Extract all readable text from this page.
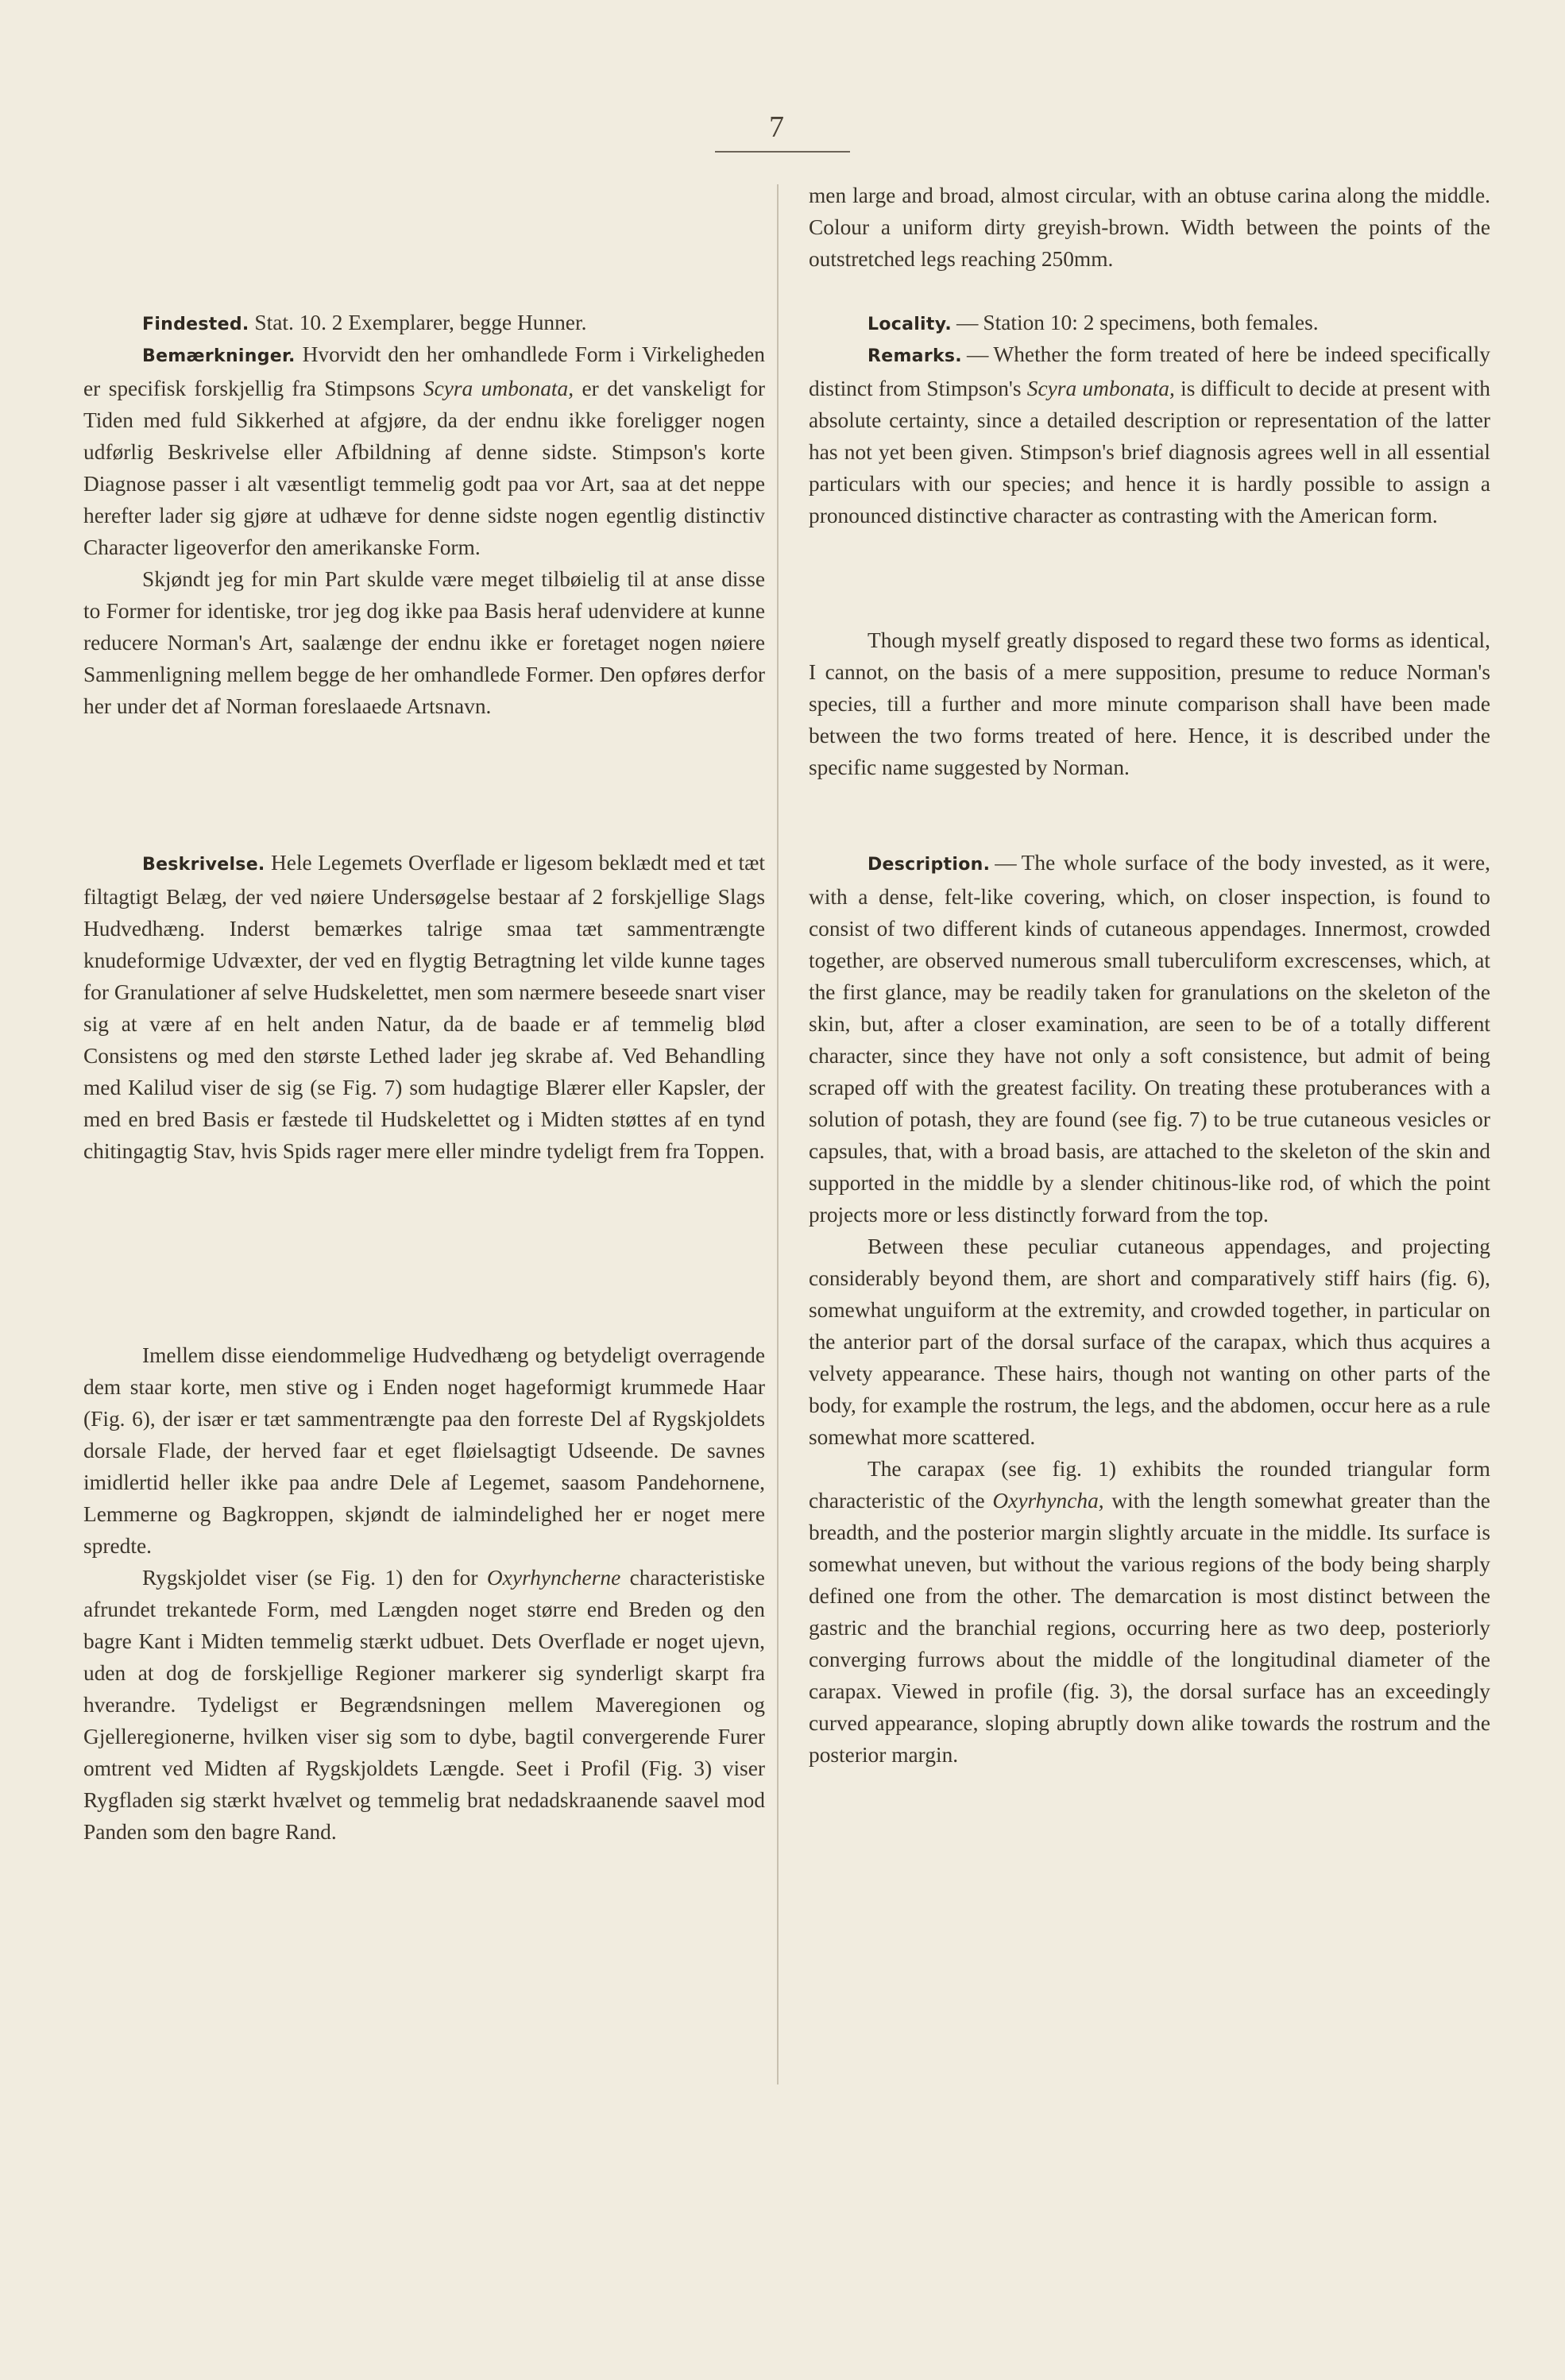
7

Findested. Stat. 10. 2 Exemplarer, begge Hunner.

Bemærkninger. Hvorvidt den her omhandlede Form i Virkeligheden er specifisk forskjellig fra Stimpsons Scyra umbonata, er det vanskeligt for Tiden med fuld Sikkerhed at afgjøre, da der endnu ikke foreligger nogen udførlig Beskrivelse eller Afbildning af denne sidste. Stimpson's korte Diagnose passer i alt væsentligt temmelig godt paa vor Art, saa at det neppe herefter lader sig gjøre at udhæve for denne sidste nogen egentlig distinctiv Character ligeoverfor den amerikanske Form.

Skjøndt jeg for min Part skulde være meget tilbøielig til at anse disse to Former for identiske, tror jeg dog ikke paa Basis heraf udenvidere at kunne reducere Norman's Art, saalænge der endnu ikke er foretaget nogen nøiere Sammenligning mellem begge de her omhandlede Former. Den opføres derfor her under det af Norman foreslaaede Artsnavn.

Beskrivelse. Hele Legemets Overflade er ligesom beklædt med et tæt filtagtigt Belæg, der ved nøiere Undersøgelse bestaar af 2 forskjellige Slags Hudvedhæng. Inderst bemærkes talrige smaa tæt sammentrængte knudeformige Udvæxter, der ved en flygtig Betragtning let vilde kunne tages for Granulationer af selve Hudskelettet, men som nærmere beseede snart viser sig at være af en helt anden Natur, da de baade er af temmelig blød Consistens og med den største Lethed lader jeg skrabe af. Ved Behandling med Kalilud viser de sig (se Fig. 7) som hudagtige Blærer eller Kapsler, der med en bred Basis er fæstede til Hudskelettet og i Midten støttes af en tynd chitingagtig Stav, hvis Spids rager mere eller mindre tydeligt frem fra Toppen.

Imellem disse eiendommelige Hudvedhæng og betydeligt overragende dem staar korte, men stive og i Enden noget hageformigt krummede Haar (Fig. 6), der især er tæt sammentrængte paa den forreste Del af Rygskjoldets dorsale Flade, der herved faar et eget fløielsagtigt Udseende. De savnes imidlertid heller ikke paa andre Dele af Legemet, saasom Pandehornene, Lemmerne og Bagkroppen, skjøndt de ialmindelighed her er noget mere spredte.

Rygskjoldet viser (se Fig. 1) den for Oxyrhyncherne characteristiske afrundet trekantede Form, med Længden noget større end Breden og den bagre Kant i Midten temmelig stærkt udbuet. Dets Overflade er noget ujevn, uden at dog de forskjellige Regioner markerer sig synderligt skarpt fra hverandre. Tydeligst er Begrændsningen mellem Maveregionen og Gjelleregionerne, hvilken viser sig som to dybe, bagtil convergerende Furer omtrent ved Midten af Rygskjoldets Længde. Seet i Profil (Fig. 3) viser Rygfladen sig stærkt hvælvet og temmelig brat nedadskraanende saavel mod Panden som den bagre Rand.

men large and broad, almost circular, with an obtuse carina along the middle. Colour a uniform dirty greyish-brown. Width between the points of the outstretched legs reaching 250mm.

Locality. — Station 10: 2 specimens, both females.

Remarks. — Whether the form treated of here be indeed specifically distinct from Stimpson's Scyra umbonata, is difficult to decide at present with absolute certainty, since a detailed description or representation of the latter has not yet been given. Stimpson's brief diagnosis agrees well in all essential particulars with our species; and hence it is hardly possible to assign a pronounced distinctive character as contrasting with the American form.

Though myself greatly disposed to regard these two forms as identical, I cannot, on the basis of a mere supposition, presume to reduce Norman's species, till a further and more minute comparison shall have been made between the two forms treated of here. Hence, it is described under the specific name suggested by Norman.

Description. — The whole surface of the body invested, as it were, with a dense, felt-like covering, which, on closer inspection, is found to consist of two different kinds of cutaneous appendages. Innermost, crowded together, are observed numerous small tuberculiform excrescenses, which, at the first glance, may be readily taken for granulations on the skeleton of the skin, but, after a closer examination, are seen to be of a totally different character, since they have not only a soft consistence, but admit of being scraped off with the greatest facility. On treating these protuberances with a solution of potash, they are found (see fig. 7) to be true cutaneous vesicles or capsules, that, with a broad basis, are attached to the skeleton of the skin and supported in the middle by a slender chitinous-like rod, of which the point projects more or less distinctly forward from the top.

Between these peculiar cutaneous appendages, and projecting considerably beyond them, are short and comparatively stiff hairs (fig. 6), somewhat unguiform at the extremity, and crowded together, in particular on the anterior part of the dorsal surface of the carapax, which thus acquires a velvety appearance. These hairs, though not wanting on other parts of the body, for example the rostrum, the legs, and the abdomen, occur here as a rule somewhat more scattered.

The carapax (see fig. 1) exhibits the rounded triangular form characteristic of the Oxyrhyncha, with the length somewhat greater than the breadth, and the posterior margin slightly arcuate in the middle. Its surface is somewhat uneven, but without the various regions of the body being sharply defined one from the other. The demarcation is most distinct between the gastric and the branchial regions, occurring here as two deep, posteriorly converging furrows about the middle of the longitudinal diameter of the carapax. Viewed in profile (fig. 3), the dorsal surface has an exceedingly curved appearance, sloping abruptly down alike towards the rostrum and the posterior margin.
